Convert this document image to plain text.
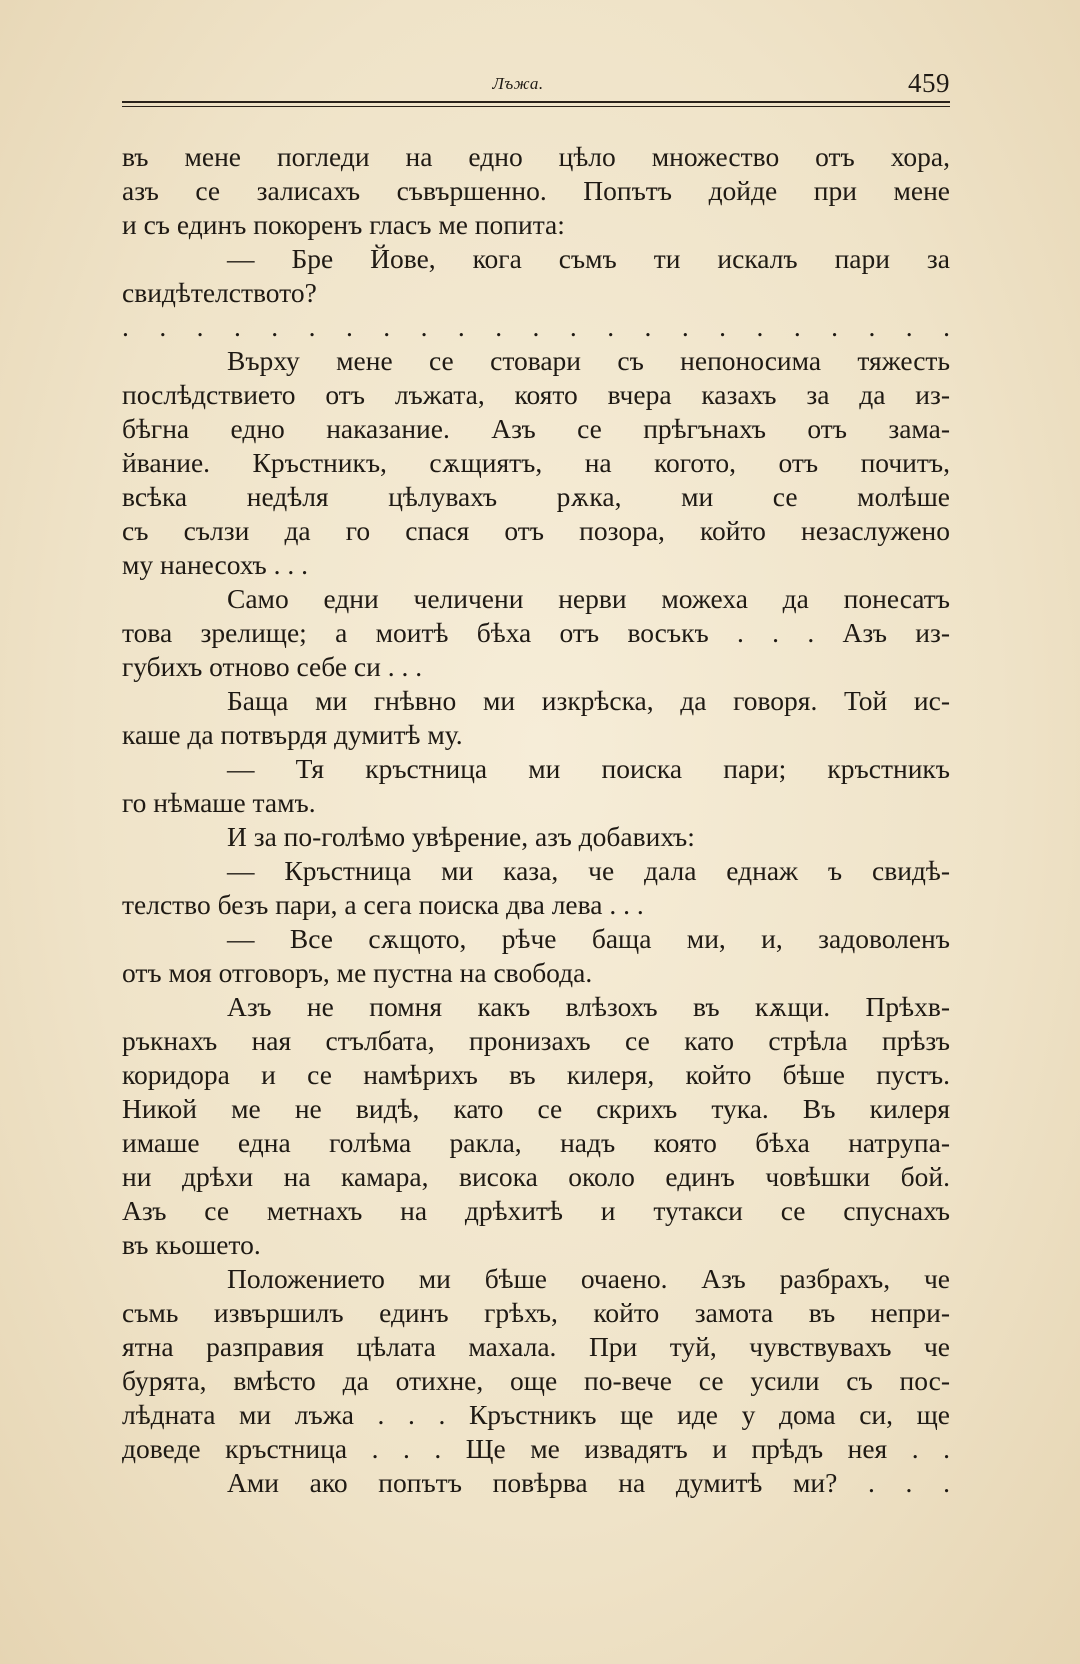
Лъжа.	459
въ мене погледи на едно цѣло множество отъ хора,
азъ се залисахъ съвършенно. Попътъ дойде при мене
и съ единъ покоренъ гласъ ме попита:
— Бре Йове, кога съмъ ти искалъ пари за
свидѣтелството?
. . . . . . . . . . . . . . . . . . . . . . .
Върху мене се стовари съ непоносима тяжесть
послѣдствието отъ лъжата, която вчера казахъ за да из-
бѣгна едно наказание. Азъ се прѣгънахъ отъ зама-
йвание. Кръстникъ, сѫщиятъ, на когото, отъ почитъ,
всѣка недѣля цѣлувахъ рѫка, ми се молѣше
съ сълзи да го спася отъ позора, който незаслужено
му нанесохъ . . .
Само едни челичени нерви можеха да понесатъ
това зрелище; а моитѣ бѣха отъ восъкъ . . . Азъ из-
губихъ отново себе си . . .
Баща ми гнѣвно ми изкрѣска, да говоря. Той ис-
каше да потвърдя думитѣ му.
— Тя кръстница ми поиска пари; кръстникъ
го нѣмаше тамъ.
И за по-голѣмо увѣрение, азъ добавихъ:
— Кръстница ми каза, че дала еднаж ъ свидѣ-
телство безъ пари, а сега поиска два лева . . .
— Все сѫщото, рѣче баща ми, и, задоволенъ
отъ моя отговоръ, ме пустна на свобода.
Азъ не помня какъ влѣзохъ въ кѫщи. Прѣхв-
ръкнахъ ная стълбата, пронизахъ се като стрѣла прѣзъ
коридора и се намѣрихъ въ килеря, който бѣше пустъ.
Никой ме не видѣ, като се скрихъ тука. Въ килеря
имаше една голѣма ракла, надъ която бѣха натрупа-
ни дрѣхи на камара, висока около единъ човѣшки бой.
Азъ се метнахъ на дрѣхитѣ и тутакси се спуснахъ
въ кьошето.
Положението ми бѣше очаено. Азъ разбрахъ, че
съмь извършилъ единъ грѣхъ, който замота въ непри-
ятна разправия цѣлата махала. При туй, чувствувахъ че
бурята, вмѣсто да отихне, още по-вече се усили съ пос-
лѣдната ми лъжа . . . Кръстникъ ще иде у дома си, ще
доведе кръстница . . . Ще ме извадятъ и прѣдъ нея . .
Ами ако попътъ повѣрва на думитѣ ми? . . .
